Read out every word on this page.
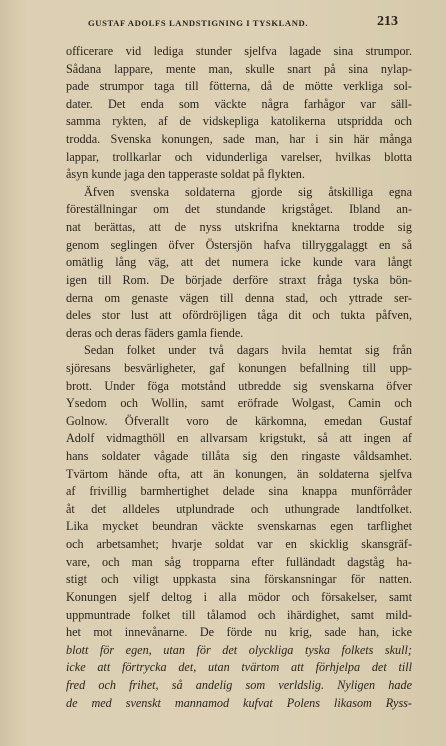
GUSTAF ADOLFS LANDSTIGNING I TYSKLAND.	213
officerare vid lediga stunder sjelfva lagade sina strumpor.
Sådana lappare, mente man, skulle snart på sina nylap-
pade strumpor taga till fötterna, då de mötte verkliga sol-
dater. Det enda som väckte några farhågor var säll-
samma rykten, af de vidskepliga katolikerna utspridda och
trodda. Svenska konungen, sade man, har i sin här många
lappar, trollkarlar och vidunderliga varelser, hvilkas blotta
åsyn kunde jaga den tapperaste soldat på flykten.
Äfven svenska soldaterna gjorde sig åtskilliga egna
föreställningar om det stundande krigståget. Ibland an-
nat berättas, att de nyss utskrifna knektarna trodde sig
genom seglingen öfver Östersjön hafva tillryggalaggt en så
omätlig lång väg, att det numera icke kunde vara långt
igen till Rom. De började derföre straxt fråga tyska bön-
derna om genaste vägen till denna stad, och yttrade ser-
deles stor lust att ofördröjligen tåga dit och tukta påfven,
deras och deras fäders gamla fiende.
Sedan folket under två dagars hvila hemtat sig från
sjöresans besvärligheter, gaf konungen befallning till upp-
brott. Under föga motstånd utbredde sig svenskarna öfver
Ysedom och Wollin, samt eröfrade Wolgast, Camin och
Golnow. Öfverallt voro de kärkomna, emedan Gustaf
Adolf vidmagthöll en allvarsam krigstukt, så att ingen af
hans soldater vågade tillåta sig den ringaste våldsamhet.
Tvärtom hände ofta, att än konungen, än soldaterna sjelfva
af frivillig barmhertighet delade sina knappa munförråder
åt det alldeles utplundrade och uthungrade landtfolket.
Lika mycket beundran väckte svenskarnas egen tarflighet
och arbetsamhet; hvarje soldat var en skicklig skansgräf-
vare, och man såg tropparna efter fulländadt dagståg ha-
stigt och viligt uppkasta sina förskansningar för natten.
Konungen sjelf deltog i alla mödor och försakelser, samt
uppmuntrade folket till tålamod och ihärdighet, samt mild-
het mot innevånarne. De förde nu krig, sade han, icke
blott för egen, utan för det olyckliga tyska folkets skull;
icke att förtrycka det, utan tvärtom att förhjelpa det till
fred och frihet, så andelig som verldslig. Nyligen hade
de med svenskt mannamod kufvat Polens likasom Ryss-
